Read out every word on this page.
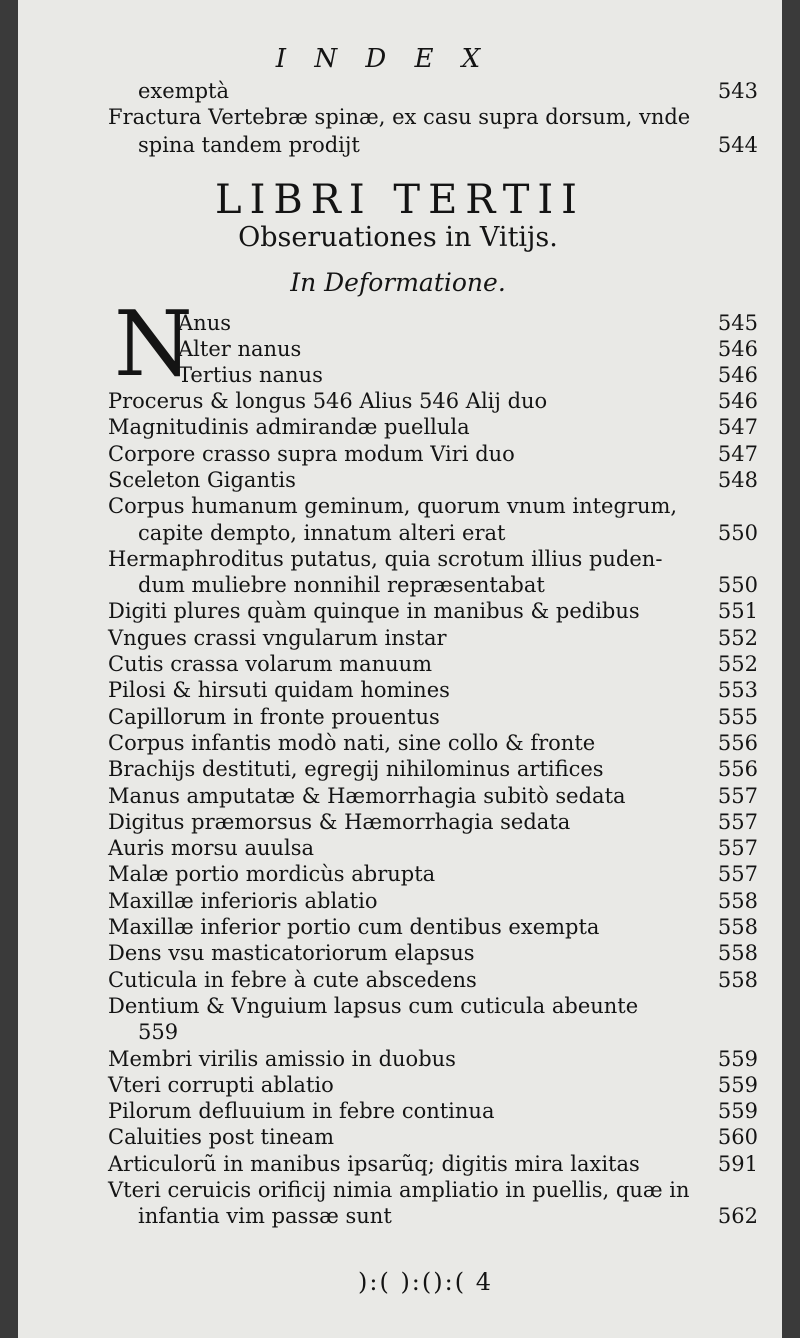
I N D E X
exemptà	543
Fractura Vertebræ spinæ, ex casu supra dorsum, vnde
spina tandem prodijt	544
Anus	545
Alter nanus	546
Tertius nanus	546
Procerus & longus 546 Alius 546 Alij duo	546
Magnitudinis admirandæ puellula	547
Corpore crasso supra modum Viri duo	547
Sceleton Gigantis	548
Corpus humanum geminum, quorum vnum integrum,
capite dempto, innatum alteri erat	550
Hermaphroditus putatus, quia scrotum illius puden-
dum muliebre nonnihil repræsentabat	550
Digiti plures quàm quinque in manibus & pedibus	551
Vngues crassi vngularum instar	552
Cutis crassa volarum manuum	552
Pilosi & hirsuti quidam homines	553
Capillorum in fronte prouentus	555
Corpus infantis modò nati, sine collo & fronte	556
Brachijs destituti, egregij nihilominus artifices	556
Manus amputatæ & Hæmorrhagia subitò sedata	557
Digitus præmorsus & Hæmorrhagia sedata	557
Auris morsu auulsa	557
Malæ portio mordicùs abrupta	557
Maxillæ inferioris ablatio	558
Maxillæ inferior portio cum dentibus exempta	558
Dens vsu masticatoriorum elapsus	558
Cuticula in febre à cute abscedens	558
Dentium & Vnguium lapsus cum cuticula abeunte
559
Membri virilis amissio in duobus	559
Vteri corrupti ablatio	559
Pilorum defluuium in febre continua	559
Caluities post tineam	560
Articulorũ in manibus ipsarũq; digitis mira laxitas	591
Vteri ceruicis orificij nimia ampliatio in puellis, quæ in
infantia vim passæ sunt	562
LIBRI TERTII
Obseruationes in Vitijs.
In Deformatione.
N
):( ):():( 4
